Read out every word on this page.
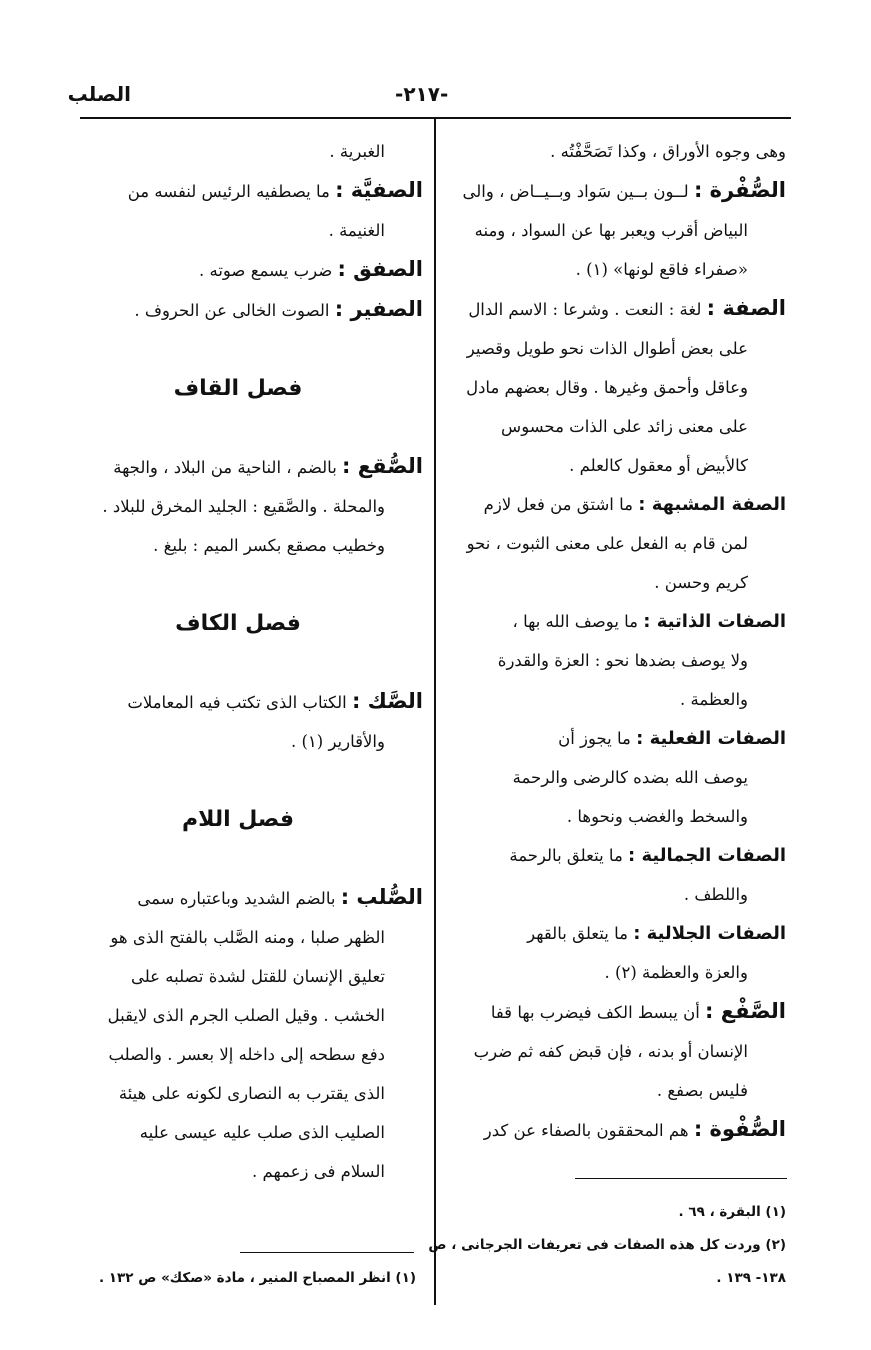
الصلب	-٢١٧-
وهى وجوه الأوراق ، وكذا تَصَحَّفْتُه .
الصُّفْرة : لــون بــين سَواد وبــيــاض ، والى
البياض أقرب ويعبر بها عن السواد ، ومنه
«صفراء فاقع لونها» (١) .
الصفة : لغة : النعت . وشرعا : الاسم الدال
على بعض أطوال الذات نحو طويل وقصير
وعاقل وأحمق وغيرها . وقال بعضهم مادل
على معنى زائد على الذات محسوس
كالأبيض أو معقول كالعلم .
الصفة المشبهة : ما اشتق من فعل لازم
لمن قام به الفعل على معنى الثبوت ، نحو
كريم وحسن .
الصفات الذاتية : ما يوصف الله بها ،
ولا يوصف بضدها نحو : العزة والقدرة
والعظمة .
الصفات الفعلية : ما يجوز أن
يوصف الله بضده كالرضى والرحمة
والسخط والغضب ونحوها .
الصفات الجمالية : ما يتعلق بالرحمة
واللطف .
الصفات الجلالية : ما يتعلق بالقهر
والعزة والعظمة (٢) .
الصَّفْع : أن يبسط الكف فيضرب بها قفا
الإنسان أو بدنه ، فإن قبض كفه ثم ضرب
فليس بصفع .
الصُّفْوة : هم المحققون بالصفاء عن كدر
الغبرية .
الصفيَّة : ما يصطفيه الرئيس لنفسه من
الغنيمة .
الصفق : ضرب يسمع صوته .
الصفير : الصوت الخالى عن الحروف .
فصل القاف
الصُّقع : بالضم ، الناحية من البلاد ، والجهة
والمحلة . والصَّقيع : الجليد المخرق للبلاد .
وخطيب مصقع بكسر الميم : بليغ .
فصل الكاف
الصَّك : الكتاب الذى تكتب فيه المعاملات
والأقارير (١) .
فصل اللام
الصُّلب : بالضم الشديد وباعتباره سمى
الظهر صلبا ، ومنه الصَّلب بالفتح الذى هو
تعليق الإنسان للقتل لشدة تصلبه على
الخشب . وقيل الصلب الجرم الذى لايقبل
دفع سطحه إلى داخله إلا بعسر . والصلب
الذى يقترب به النصارى لكونه على هيئة
الصليب الذى صلب عليه عيسى عليه
السلام فى زعمهم .
(١) البقرة ، ٦٩ .
(٢) وردت كل هذه الصفات فى تعريفات الجرجانى ، ص
١٣٨- ١٣٩ .
(١) انظر المصباح المنير ، مادة «صكك» ص ١٣٢ .
